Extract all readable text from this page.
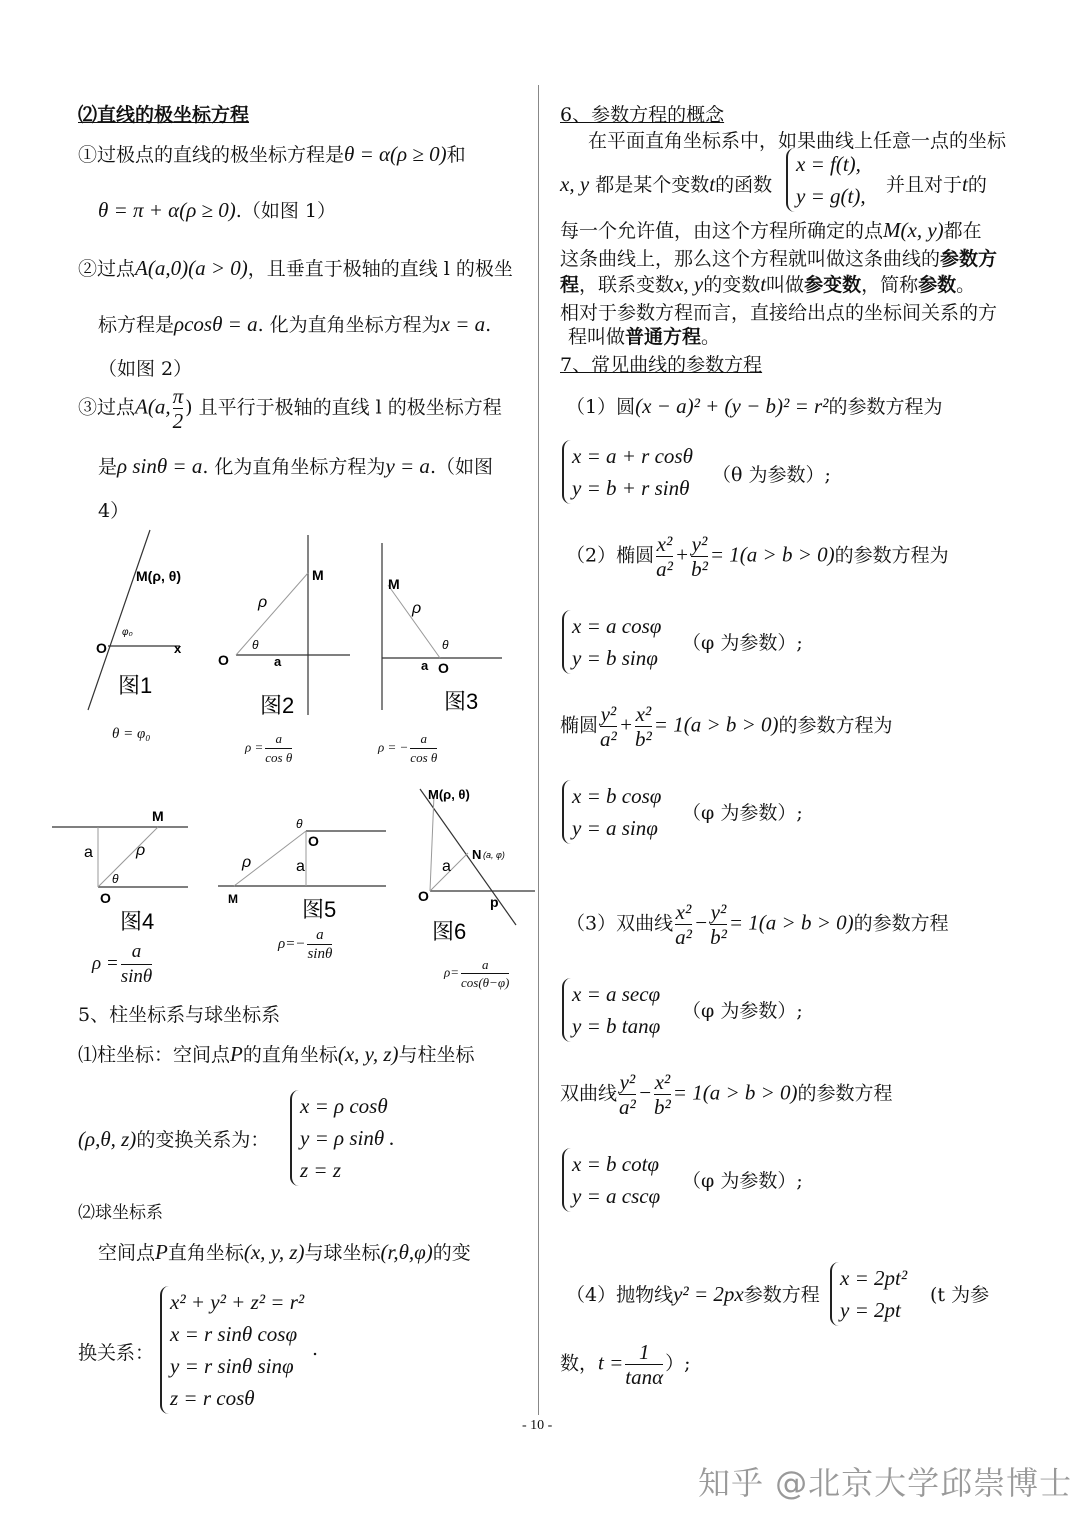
⑵直线的极坐标方程
①过极点的直线的极坐标方程是θ = α(ρ ≥ 0)和
θ = π + α(ρ ≥ 0).（如图 1）
②过点A(a,0)(a > 0)，且垂直于极轴的直线 l 的极坐
标方程是ρcosθ = a. 化为直角坐标方程为x = a.
（如图 2）
③过点A(a, $\frac{\pi}{2}$ ) 且平行于极轴的直线 l 的极坐标方程
是ρ sinθ = a. 化为直角坐标方程为y = a.（如图
4）
M(ρ, θ)
O	x
φ₀
M
O	a
ρ
θ
M
a O
ρ
θ
图1
图2	图3
M
O
a	ρ
θ
O
M
a
ρ
θ
M(ρ, θ)
N (a, φ)
O	p
a
图4	图5
图6
θ = φ₀
$\rho = \frac{a}{\text{cos θ}}$	ρ = − $\frac{a}{\text{cos θ}}$
$\rho = \frac{a}{\sin\theta}$	$\rho=- \frac{a}{\sin\theta}$
$\rho= \frac{a}{\cos(\theta-\varphi)}$
5、柱坐标系与球坐标系
⑴柱坐标：空间点P的直角坐标(x, y, z)与柱坐标
(ρ,θ, z)的变换关系为：
x = ρ cosθ
y = ρ sinθ .
z = z
⑵球坐标系
空间点P直角坐标(x, y, z)与球坐标(r,θ,φ)的变
换关系：
x² + y² + z² = r²
x = r sinθ cosφ
y = r sinθ sinφ
z = r cosθ
.
6、参数方程的概念
在平面直角坐标系中，如果曲线上任意一点的坐标
x, y 都是某个变数t的函数
x = f(t),
y = g(t), 并且对于t的
每一个允许值，由这个方程所确定的点M(x, y)都在
这条曲线上，那么这个方程就叫做这条曲线的参数方
程，联系变数x, y的变数t叫做参变数，简称参数。
相对于参数方程而言，直接给出点的坐标间关系的方
程叫做普通方程。
7、常见曲线的参数方程
（1）圆(x − a)² + (y − b)² = r²的参数方程为
x = a + r cosθ
y = b + r sinθ
（θ 为参数）;
（2）椭圆 $\frac{\text{x²}}{\text{a²}} + \frac{\text{y²}}{\text{b²}} = 1(a > b > 0)$的参数方程为
x = a cosφ
y = b sinφ
（φ 为参数）;
椭圆 $\frac{\text{y²}}{\text{a²}} + \frac{\text{x²}}{\text{b²}} = 1(a > b > 0)$的参数方程为
x = b cosφ
y = a sinφ
（φ 为参数）;
（3）双曲线 $\frac{\text{x²}}{\text{a²}} - \frac{\text{y²}}{\text{b²}} = 1(a > b > 0)$的参数方程
x = a secφ
y = b tanφ
（φ 为参数）;
双曲线 $\frac{\text{y²}}{\text{a²}} - \frac{\text{x²}}{\text{b²}} = 1(a > b > 0)$的参数方程
x = b cotφ
y = a cscφ
（φ 为参数）;
（4）抛物线y² = 2px参数方程
x = 2pt²
y = 2pt
(t 为参
数，$t = \frac{1}{\tan\alpha}$ ）;
- 10 -
知乎 @北京大学邱崇博士
